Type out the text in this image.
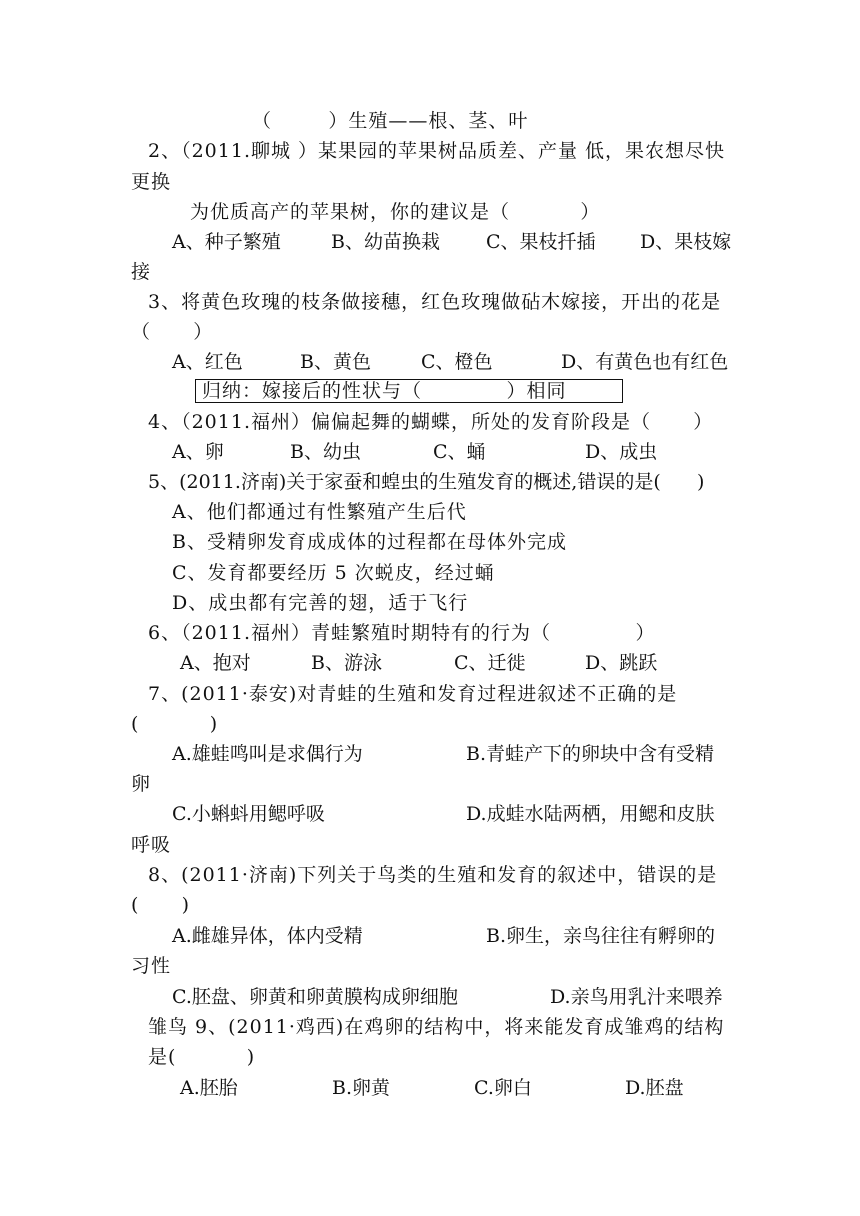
（        ）生殖——根、茎、叶
2、（2011.聊城 ）某果园的苹果树品质差、产量 低，果农想尽快
更换
为优质高产的苹果树，你的建议是（          ）
A、种子繁殖	B、幼苗换栽 C、果枝扦插 D、果枝嫁
接
3、将黄色玫瑰的枝条做接穗，红色玫瑰做砧木嫁接，开出的花是
（      ）
A、红色	B、黄色	C、橙色	D、有黄色也有红色
归纳：嫁接后的性状与（            ）相同
4、（2011.福州）偏偏起舞的蝴蝶，所处的发育阶段是（      ）
A、卵	B、幼虫	C、蛹	D、成虫
5、(2011.济南)关于家蚕和蝗虫的生殖发育的概述,错误的是(      )
A、他们都通过有性繁殖产生后代
B、受精卵发育成成体的过程都在母体外完成
C、发育都要经历 5 次蜕皮，经过蛹
D、成虫都有完善的翅，适于飞行
6、（2011.福州）青蛙繁殖时期特有的行为（            ）
A、抱对	B、游泳	C、迁徙	D、跳跃
7、(2011·泰安)对青蛙的生殖和发育过程进叙述不正确的是
(          )
A.雄蛙鸣叫是求偶行为	B.青蛙产下的卵块中含有受精
卵
C.小蝌蚪用鳃呼吸	D.成蛙水陆两栖，用鳃和皮肤
呼吸
8、(2011·济南)下列关于鸟类的生殖和发育的叙述中，错误的是
(      )
A.雌雄异体，体内受精	B.卵生，亲鸟往往有孵卵的
习性
C.胚盘、卵黄和卵黄膜构成卵细胞	D.亲鸟用乳汁来喂养
雏鸟 9、(2011·鸡西)在鸡卵的结构中，将来能发育成雏鸡的结构
是(          )
A.胚胎	B.卵黄	C.卵白	D.胚盘
